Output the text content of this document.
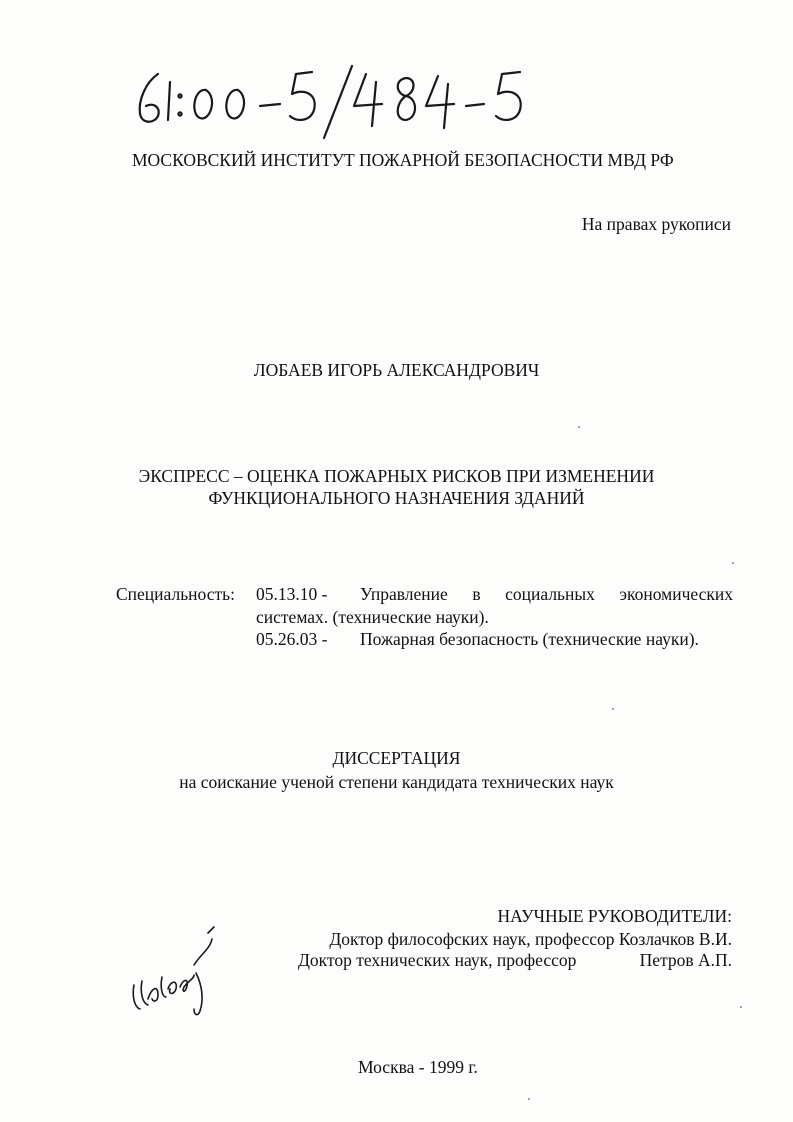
МОСКОВСКИЙ ИНСТИТУТ ПОЖАРНОЙ БЕЗОПАСНОСТИ МВД РФ
На правах рукописи
ЛОБАЕВ ИГОРЬ АЛЕКСАНДРОВИЧ
ЭКСПРЕСС – ОЦЕНКА ПОЖАРНЫХ РИСКОВ ПРИ ИЗМЕНЕНИИ
ФУНКЦИОНАЛЬНОГО НАЗНАЧЕНИЯ ЗДАНИЙ
Специальность: 05.13.10 - Управление в социальных экономических
системах. (технические науки).
05.26.03 - Пожарная безопасность (технические науки).
ДИССЕРТАЦИЯ
на соискание ученой степени кандидата технических наук
НАУЧНЫЕ РУКОВОДИТЕЛИ:
Доктор философских наук, профессор Козлачков В.И.
Доктор технических наук, профессор	Петров А.П.
Москва - 1999 г.
